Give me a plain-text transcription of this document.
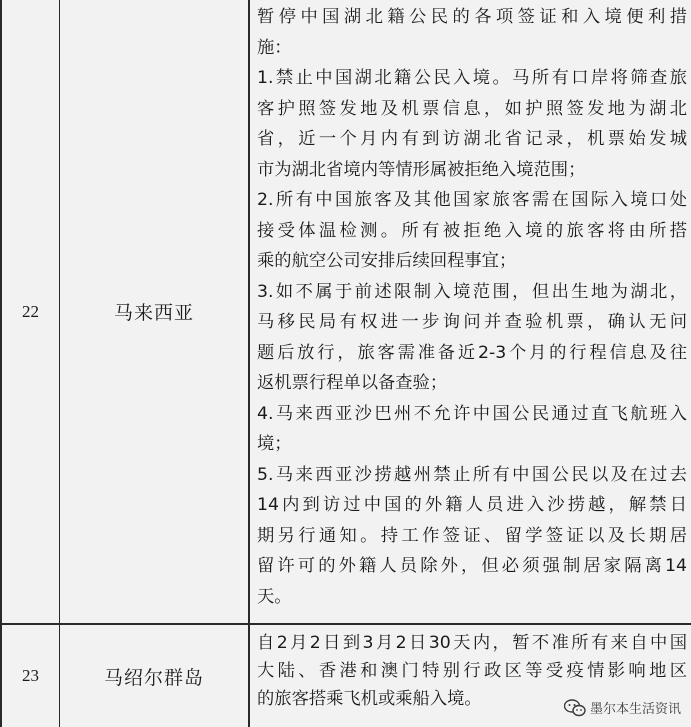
22	马来西亚
暂停中国湖北籍公民的各项签证和入境便利措
施：
1.禁止中国湖北籍公民入境。马所有口岸将筛查旅
客护照签发地及机票信息，如护照签发地为湖北
省，近一个月内有到访湖北省记录，机票始发城
市为湖北省境内等情形属被拒绝入境范围；
2.所有中国旅客及其他国家旅客需在国际入境口处
接受体温检测。所有被拒绝入境的旅客将由所搭
乘的航空公司安排后续回程事宜；
3.如不属于前述限制入境范围，但出生地为湖北，
马移民局有权进一步询问并查验机票，确认无问
题后放行，旅客需准备近2-3个月的行程信息及往
返机票行程单以备查验；
4.马来西亚沙巴州不允许中国公民通过直飞航班入
境；
5.马来西亚沙捞越州禁止所有中国公民以及在过去
14内到访过中国的外籍人员进入沙捞越，解禁日
期另行通知。持工作签证、留学签证以及长期居
留许可的外籍人员除外，但必须强制居家隔离14
天。
23	马绍尔群岛
自2月2日到3月2日30天内，暂不准所有来自中国
大陆、香港和澳门特别行政区等受疫情影响地区
的旅客搭乘飞机或乘船入境。
墨尔本生活资讯
